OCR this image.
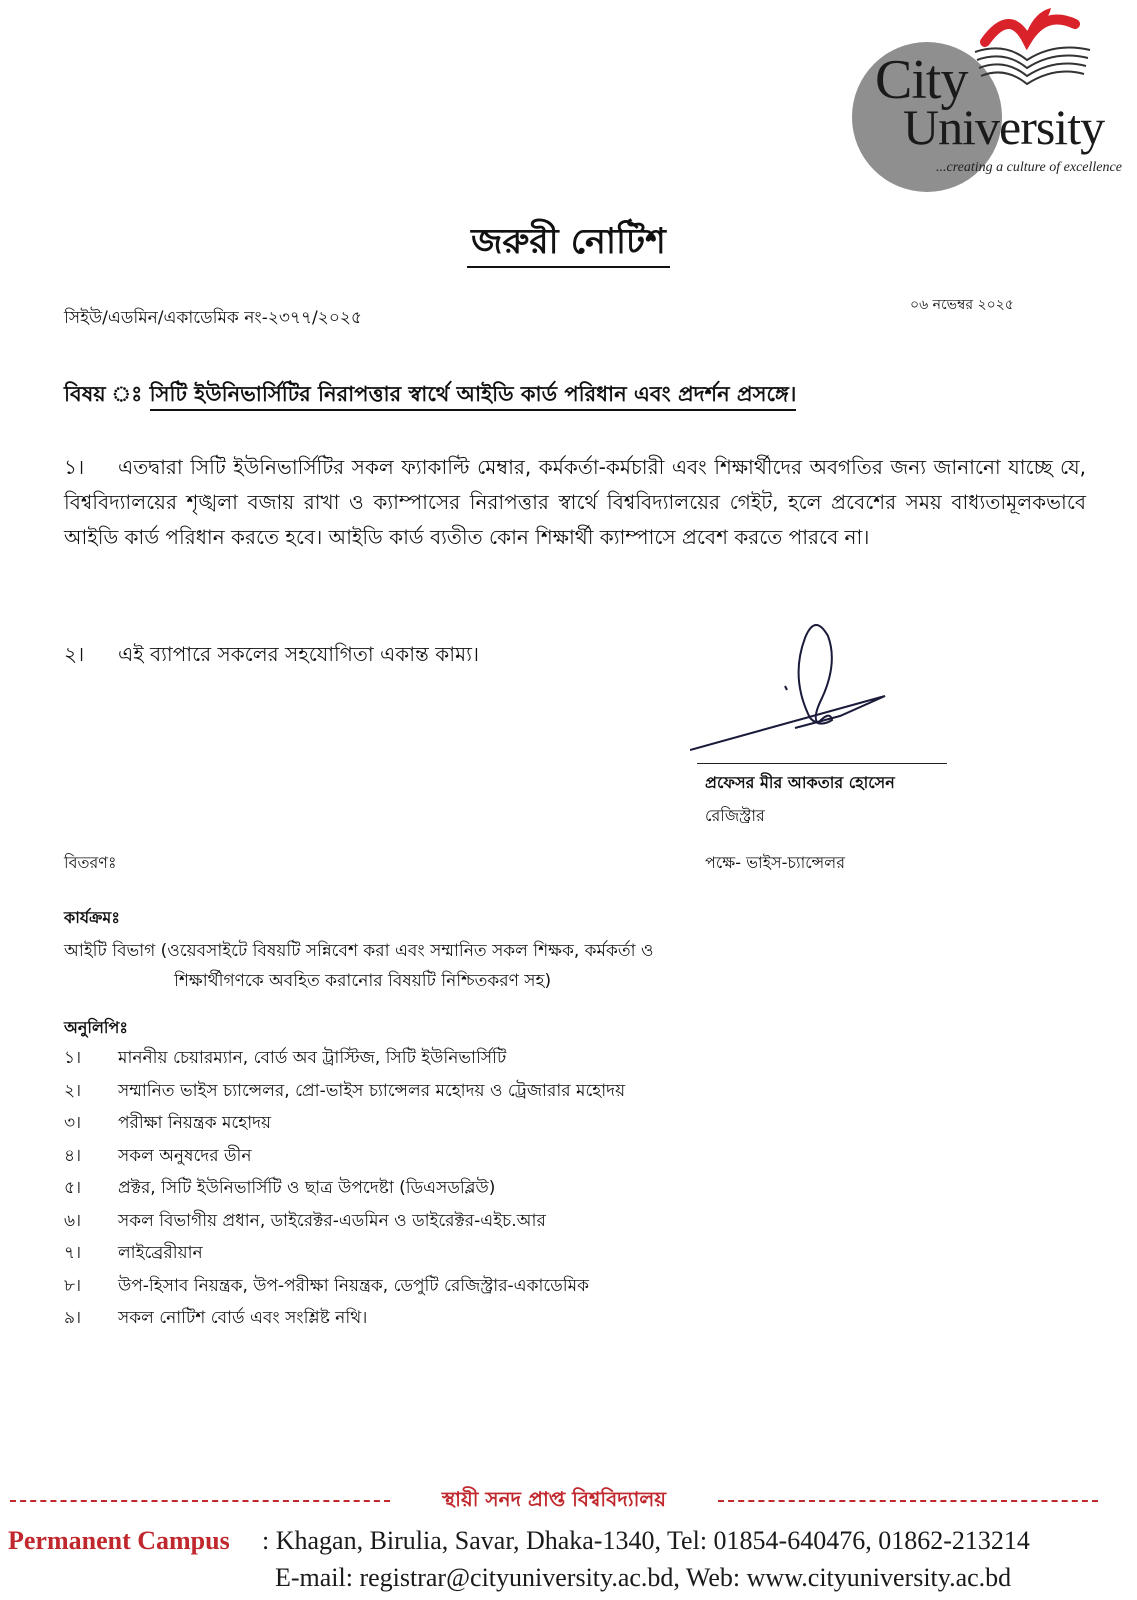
City
University
...creating a culture of excellence
জরুরী নোটিশ
সিইউ/এডমিন/একাডেমিক নং-২৩৭৭/২০২৫
০৬ নভেম্বর ২০২৫
বিষয় ঃ সিটি ইউনিভার্সিটির নিরাপত্তার স্বার্থে আইডি কার্ড পরিধান এবং প্রদর্শন প্রসঙ্গে।
১। এতদ্বারা সিটি ইউনিভার্সিটির সকল ফ্যাকাল্টি মেম্বার, কর্মকর্তা-কর্মচারী এবং শিক্ষার্থীদের অবগতির জন্য জানানো যাচ্ছে যে, বিশ্ববিদ্যালয়ের শৃঙ্খলা বজায় রাখা ও ক্যাম্পাসের নিরাপত্তার স্বার্থে বিশ্ববিদ্যালয়ের গেইট, হলে প্রবেশের সময় বাধ্যতামূলকভাবে আইডি কার্ড পরিধান করতে হবে। আইডি কার্ড ব্যতীত কোন শিক্ষার্থী ক্যাম্পাসে প্রবেশ করতে পারবে না।
২। এই ব্যাপারে সকলের সহযোগিতা একান্ত কাম্য।
প্রফেসর মীর আকতার হোসেন
রেজিস্ট্রার
পক্ষে- ভাইস-চ্যান্সেলর
বিতরণঃ
কার্যক্রমঃ
আইটি বিভাগ (ওয়েবসাইটে বিষয়টি সন্নিবেশ করা এবং সম্মানিত সকল শিক্ষক, কর্মকর্তা ও
শিক্ষার্থীগণকে অবহিত করানোর বিষয়টি নিশ্চিতকরণ সহ)
অনুলিপিঃ
১। মাননীয় চেয়ারম্যান, বোর্ড অব ট্রাস্টিজ, সিটি ইউনিভার্সিটি
২। সম্মানিত ভাইস চ্যান্সেলর, প্রো-ভাইস চ্যান্সেলর মহোদয় ও ট্রেজারার মহোদয়
৩। পরীক্ষা নিয়ন্ত্রক মহোদয়
৪। সকল অনুষদের ডীন
৫। প্রক্টর, সিটি ইউনিভার্সিটি ও ছাত্র উপদেষ্টা (ডিএসডব্লিউ)
৬। সকল বিভাগীয় প্রধান, ডাইরেক্টর-এডমিন ও ডাইরেক্টর-এইচ.আর
৭। লাইব্রেরীয়ান
৮। উপ-হিসাব নিয়ন্ত্রক, উপ-পরীক্ষা নিয়ন্ত্রক, ডেপুটি রেজিস্ট্রার-একাডেমিক
৯। সকল নোটিশ বোর্ড এবং সংশ্লিষ্ট নথি।
স্থায়ী সনদ প্রাপ্ত বিশ্ববিদ্যালয়
Permanent Campus : Khagan, Birulia, Savar, Dhaka-1340, Tel: 01854-640476, 01862-213214
E-mail: registrar@cityuniversity.ac.bd, Web: www.cityuniversity.ac.bd
